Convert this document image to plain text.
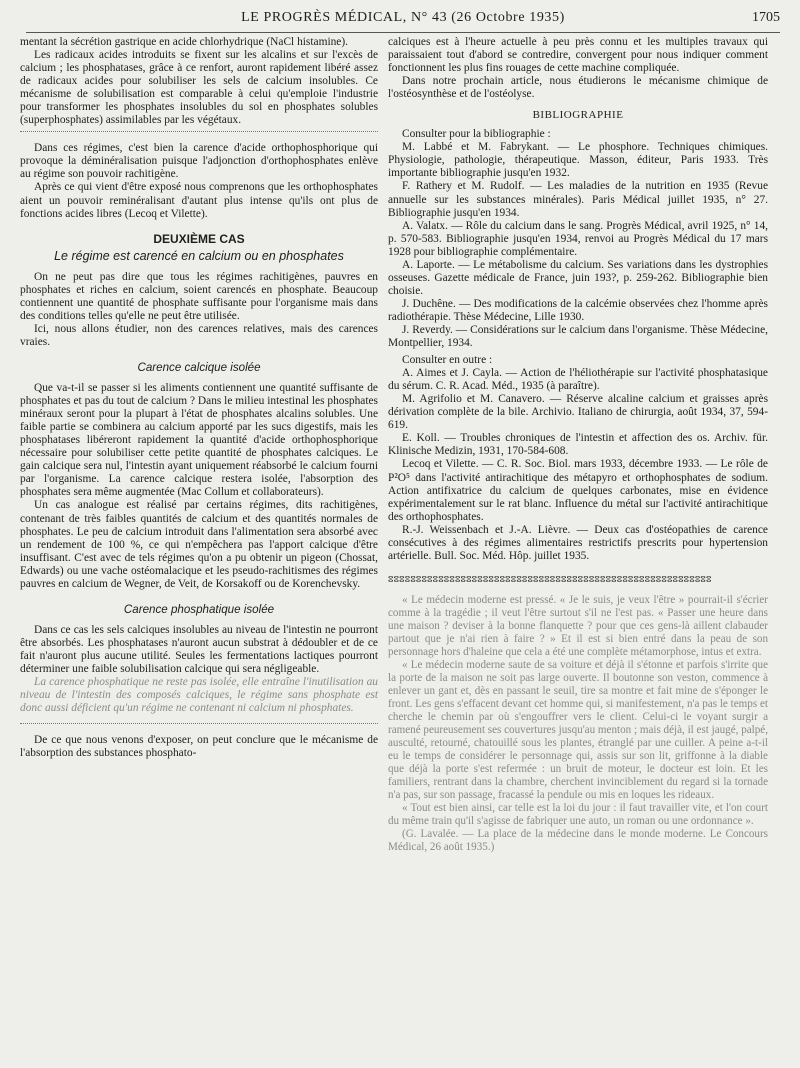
LE PROGRÈS MÉDICAL, N° 43 (26 Octobre 1935)	1705

mentant la sécrétion gastrique en acide chlorhydrique (NaCl histamine).

Les radicaux acides introduits se fixent sur les alcalins et sur l'excès de calcium ; les phosphatases, grâce à ce renfort, auront rapidement libéré assez de radicaux acides pour solubiliser les sels de calcium insolubles. Ce mécanisme de solubilisation est comparable à celui qu'emploie l'industrie pour transformer les phosphates insolubles du sol en phosphates solubles (superphosphates) assimilables par les végétaux.

Dans ces régimes, c'est bien la carence d'acide orthophosphorique qui provoque la déminéralisation puisque l'adjonction d'orthophosphates enlève au régime son pouvoir rachitigène.

Après ce qui vient d'être exposé nous comprenons que les orthophosphates aient un pouvoir reminéralisant d'autant plus intense qu'ils ont plus de fonctions acides libres (Lecoq et Vilette).

DEUXIÈME CAS
Le régime est carencé en calcium ou en phosphates

On ne peut pas dire que tous les régimes rachitigènes, pauvres en phosphates et riches en calcium, soient carencés en phosphate. Beaucoup contiennent une quantité de phosphate suffisante pour l'organisme mais dans des conditions telles qu'elle ne peut être utilisée.

Ici, nous allons étudier, non des carences relatives, mais des carences vraies.

Carence calcique isolée

Que va-t-il se passer si les aliments contiennent une quantité suffisante de phosphates et pas du tout de calcium ? Dans le milieu intestinal les phosphates minéraux seront pour la plupart à l'état de phosphates alcalins solubles. Une faible partie se combinera au calcium apporté par les sucs digestifs, mais les phosphatases libéreront rapidement la quantité d'acide orthophosphorique nécessaire pour solubiliser cette petite quantité de phosphates calciques. Le gain calcique sera nul, l'intestin ayant uniquement réabsorbé le calcium fourni par l'organisme. La carence calcique restera isolée, l'absorption des phosphates sera même augmentée (Mac Collum et collaborateurs).

Un cas analogue est réalisé par certains régimes, dits rachitigènes, contenant de très faibles quantités de calcium et des quantités normales de phosphates. Le peu de calcium introduit dans l'alimentation sera absorbé avec un rendement de 100 %, ce qui n'empêchera pas l'apport calcique d'être insuffisant. C'est avec de tels régimes qu'on a pu obtenir un pigeon (Chossat, Edwards) ou une vache ostéomalacique et les pseudo-rachitismes des régimes pauvres en calcium de Wegner, de Veit, de Korsakoff ou de Korenchevsky.

Carence phosphatique isolée

Dans ce cas les sels calciques insolubles au niveau de l'intestin ne pourront être absorbés. Les phosphatases n'auront aucun substrat à dédoubler et de ce fait n'auront plus aucune utilité. Seules les fermentations lactiques pourront déterminer une faible solubilisation calcique qui sera négligeable.

La carence phosphatique ne reste pas isolée, elle entraîne l'inutilisation au niveau de l'intestin des composés calciques, le régime sans phosphate est donc aussi déficient qu'un régime ne contenant ni calcium ni phosphates.

De ce que nous venons d'exposer, on peut conclure que le mécanisme de l'absorption des substances phosphato-

calciques est à l'heure actuelle à peu près connu et les multiples travaux qui paraissaient tout d'abord se contredire, convergent pour nous indiquer comment fonctionnent les plus fins rouages de cette machine compliquée.

Dans notre prochain article, nous étudierons le mécanisme chimique de l'ostéosynthèse et de l'ostéolyse.

BIBLIOGRAPHIE

Consulter pour la bibliographie :

M. Labbé et M. Fabrykant. — Le phosphore. Techniques chimiques. Physiologie, pathologie, thérapeutique. Masson, éditeur, Paris 1933. Très importante bibliographie jusqu'en 1932.

F. Rathery et M. Rudolf. — Les maladies de la nutrition en 1935 (Revue annuelle sur les substances minérales). Paris Médical juillet 1935, n° 27. Bibliographie jusqu'en 1934.

A. Valatx. — Rôle du calcium dans le sang. Progrès Médical, avril 1925, n° 14, p. 570-583. Bibliographie jusqu'en 1934, renvoi au Progrès Médical du 17 mars 1928 pour bibliographie complémentaire.

A. Laporte. — Le métabolisme du calcium. Ses variations dans les dystrophies osseuses. Gazette médicale de France, juin 193?, p. 259-262. Bibliographie bien choisie.

J. Duchêne. — Des modifications de la calcémie observées chez l'homme après radiothérapie. Thèse Médecine, Lille 1930.

J. Reverdy. — Considérations sur le calcium dans l'organisme. Thèse Médecine, Montpellier, 1934.

Consulter en outre :

A. Aimes et J. Cayla. — Action de l'héliothérapie sur l'activité phosphatasique du sérum. C. R. Acad. Méd., 1935 (à paraître).

M. Agrifolio et M. Canavero. — Réserve alcaline calcium et graisses après dérivation complète de la bile. Archivio. Italiano de chirurgia, août 1934, 37, 594-619.

E. Koll. — Troubles chroniques de l'intestin et affection des os. Archiv. für. Klinische Medizin, 1931, 170-584-608.

Lecoq et Vilette. — C. R. Soc. Biol. mars 1933, décembre 1933. — Le rôle de P²O⁵ dans l'activité antirachitique des métapyro et orthophosphates de sodium. Action antifixatrice du calcium de quelques carbonates, mise en évidence expérimentalement sur le rat blanc. Influence du métal sur l'activité antirachitique des orthophosphates.

R.-J. Weissenbach et J.-A. Lièvre. — Deux cas d'ostéopathies de carence consécutives à des régimes alimentaires restrictifs prescrits pour hypertension artérielle. Bull. Soc. Méd. Hôp. juillet 1935.

ⵓⵓⵓⵓⵓⵓⵓⵓⵓⵓⵓⵓⵓⵓⵓⵓⵓⵓⵓⵓⵓⵓⵓⵓⵓⵓⵓⵓⵓⵓⵓⵓⵓⵓⵓⵓⵓⵓⵓⵓⵓⵓⵓⵓⵓⵓⵓⵓⵓⵓⵓⵓⵓⵓⵓⵓⵓⵓ

« Le médecin moderne est pressé. « Je le suis, je veux l'être » pourrait-il s'écrier comme à la tragédie ; il veut l'être surtout s'il ne l'est pas. « Passer une heure dans une maison ? deviser à la bonne flanquette ? pour que ces gens-là aillent clabauder partout que je n'ai rien à faire ? » Et il est si bien entré dans la peau de son personnage hors d'haleine que cela a été une complète métamorphose, intus et extra.

« Le médecin moderne saute de sa voiture et déjà il s'étonne et parfois s'irrite que la porte de la maison ne soit pas large ouverte. Il boutonne son veston, commence à enlever un gant et, dès en passant le seuil, tire sa montre et fait mine de s'éponger le front. Les gens s'effacent devant cet homme qui, si manifestement, n'a pas le temps et cherche le chemin par où s'engouffrer vers le client. Celui-ci le voyant surgir a ramené peureusement ses couvertures jusqu'au menton ; mais déjà, il est jaugé, palpé, ausculté, retourné, chatouillé sous les plantes, étranglé par une cuiller. A peine a-t-il eu le temps de considérer le personnage qui, assis sur son lit, griffonne à la diable que déjà la porte s'est refermée : un bruit de moteur, le docteur est loin. Et les familiers, rentrant dans la chambre, cherchent invinciblement du regard si la tornade n'a pas, sur son passage, fracassé la pendule ou mis en loques les rideaux.

« Tout est bien ainsi, car telle est la loi du jour : il faut travailler vite, et l'on court du même train qu'il s'agisse de fabriquer une auto, un roman ou une ordonnance ».

(G. Lavalée. — La place de la médecine dans le monde moderne. Le Concours Médical, 26 août 1935.)
